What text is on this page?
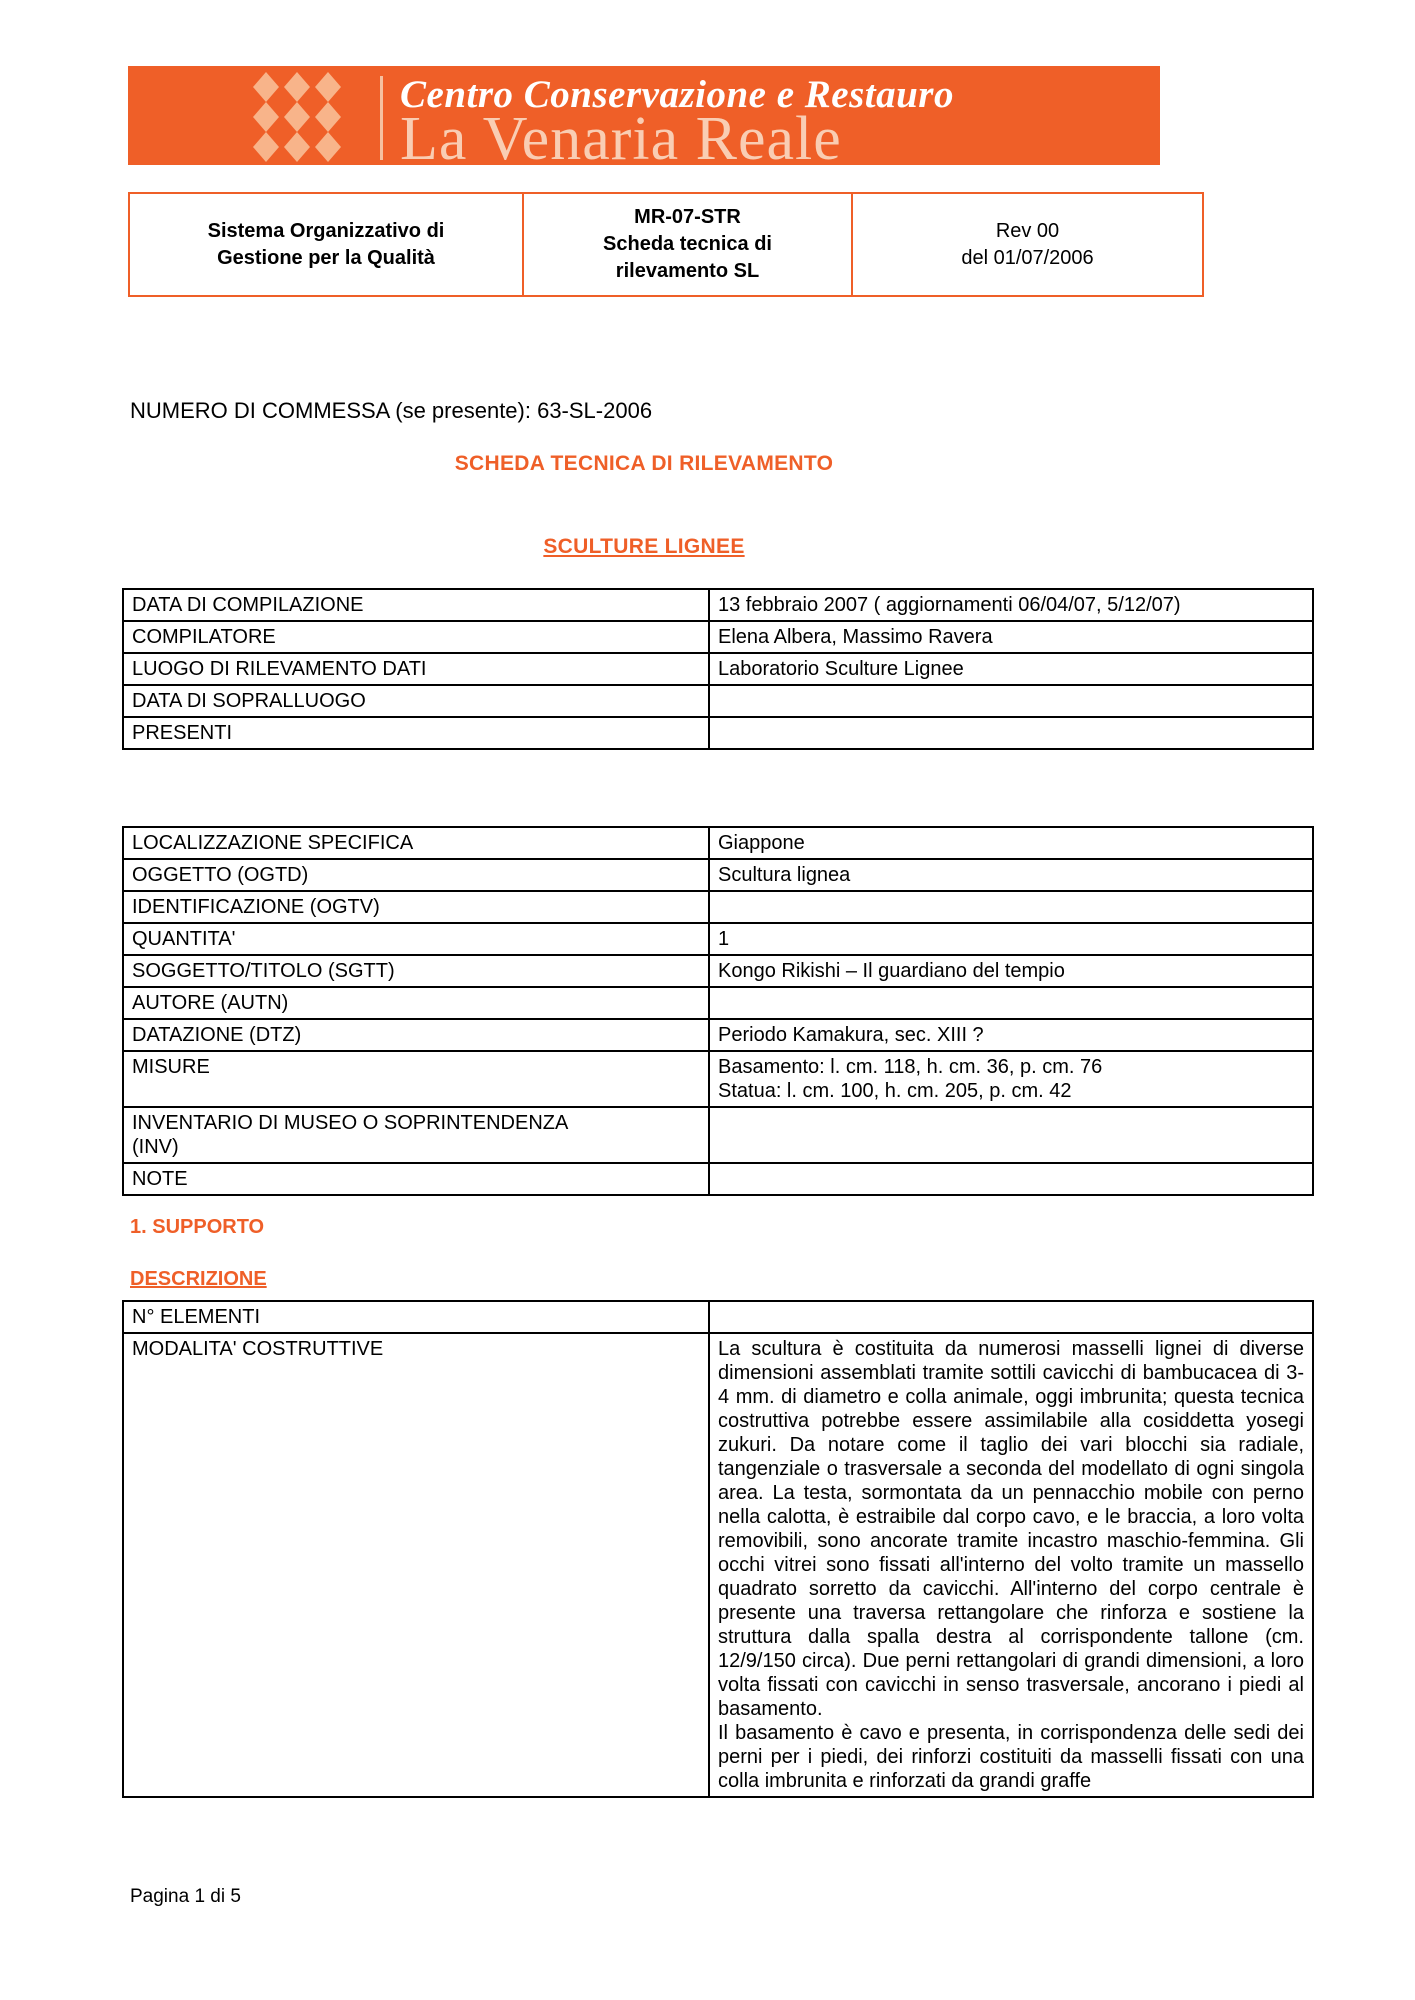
Centro Conservazione e Restauro
La Venaria Reale
Sistema Organizzativo di
Gestione per la Qualità	
MR-07-STR
Scheda tecnica di
rilevamento SL
	Rev 00
del 01/07/2006
NUMERO DI COMMESSA (se presente): 63-SL-2006
SCHEDA TECNICA DI RILEVAMENTO
SCULTURE LIGNEE
DATA DI COMPILAZIONE	13 febbraio 2007 ( aggiornamenti 06/04/07, 5/12/07)
COMPILATORE	Elena Albera, Massimo Ravera
LUOGO DI RILEVAMENTO DATI	Laboratorio Sculture Lignee
DATA DI SOPRALLUOGO	
PRESENTI	
LOCALIZZAZIONE SPECIFICA	Giappone
OGGETTO (OGTD)	Scultura lignea
IDENTIFICAZIONE (OGTV)	
QUANTITA'	1
SOGGETTO/TITOLO (SGTT)	Kongo Rikishi – Il guardiano del tempio
AUTORE (AUTN)	
DATAZIONE (DTZ)	Periodo Kamakura, sec. XIII ?
MISURE	Basamento: l. cm. 118, h. cm. 36, p. cm. 76
Statua: l. cm. 100, h. cm. 205, p. cm. 42
INVENTARIO DI MUSEO O SOPRINTENDENZA
(INV)	
NOTE	
1. SUPPORTO
DESCRIZIONE
N° ELEMENTI	
MODALITA' COSTRUTTIVE	La scultura è costituita da numerosi masselli lignei di diverse dimensioni assemblati tramite sottili cavicchi di bambucacea di 3-4 mm. di diametro e colla animale, oggi imbrunita; questa tecnica costruttiva potrebbe essere assimilabile alla cosiddetta yosegi zukuri. Da notare come il taglio dei vari blocchi sia radiale, tangenziale o trasversale a seconda del modellato di ogni singola area. La testa, sormontata da un pennacchio mobile con perno nella calotta, è estraibile dal corpo cavo, e le braccia, a loro volta removibili, sono ancorate tramite incastro maschio-femmina. Gli occhi vitrei sono fissati all'interno del volto tramite un massello quadrato sorretto da cavicchi. All'interno del corpo centrale è presente una traversa rettangolare che rinforza e sostiene la struttura dalla spalla destra al corrispondente tallone (cm. 12/9/150 circa). Due perni rettangolari di grandi dimensioni, a loro volta fissati con cavicchi in senso trasversale, ancorano i piedi al basamento.
Il basamento è cavo e presenta, in corrispondenza delle sedi dei perni per i piedi, dei rinforzi costituiti da masselli fissati con una colla imbrunita e rinforzati da grandi graffe
Pagina 1 di 5
